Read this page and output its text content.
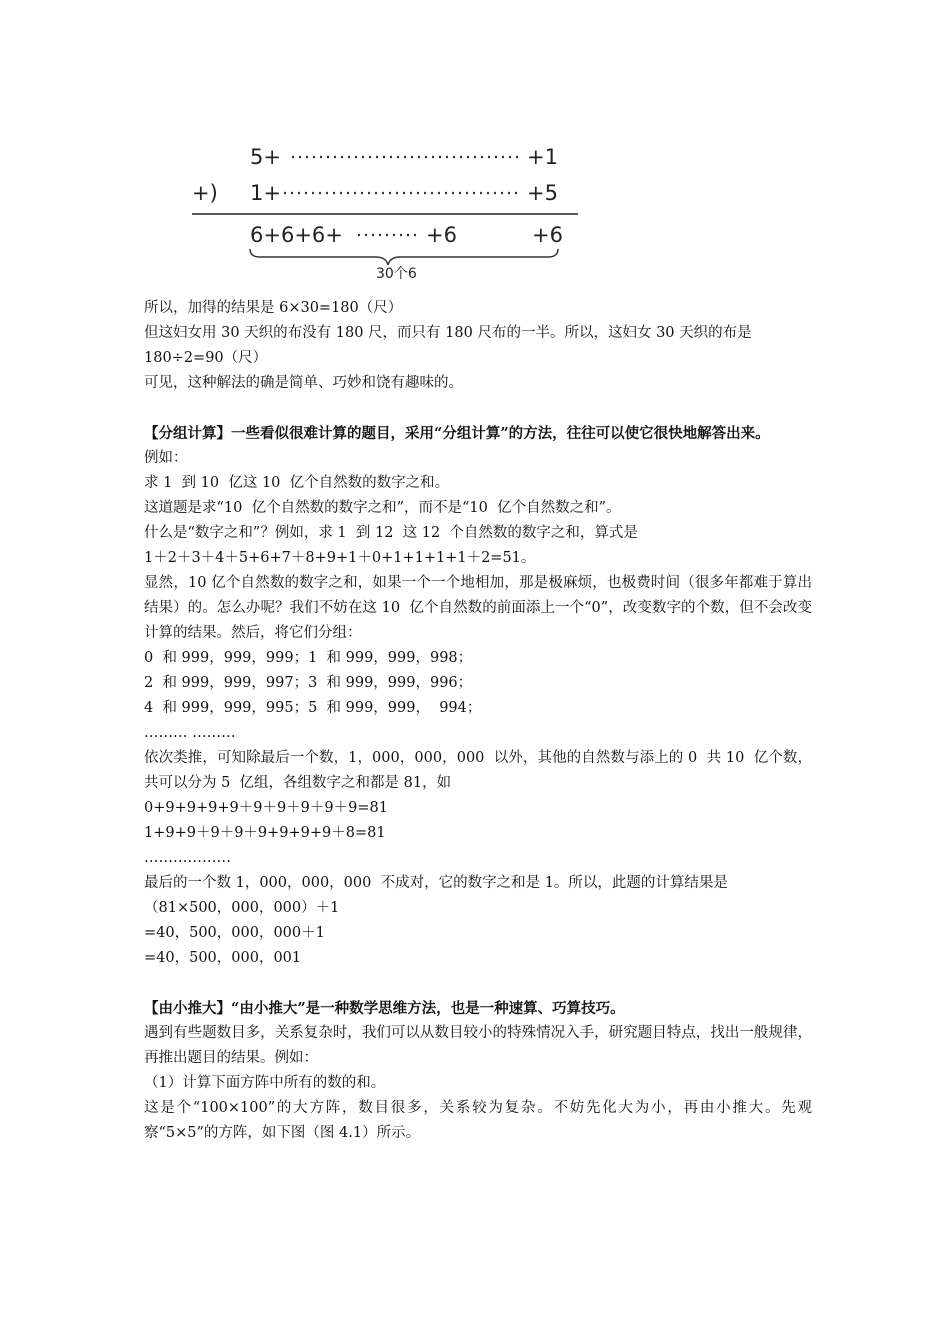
5+	+1
+) 1+	+5
6+6+6+	+6	+6
30个6

所以，加得的结果是 6×30=180（尺）

但这妇女用 30 天织的布没有 180 尺，而只有 180 尺布的一半。所以，这妇女 30 天织的布是

180÷2=90（尺）

可见，这种解法的确是简单、巧妙和饶有趣味的。

【分组计算】一些看似很难计算的题目，采用“分组计算”的方法，往往可以使它很快地解答出来。

例如：

求 1  到 10  亿这 10  亿个自然数的数字之和。

这道题是求“10  亿个自然数的数字之和”，而不是“10  亿个自然数之和”。

什么是“数字之和”？例如，求 1  到 12  这 12  个自然数的数字之和，算式是

1＋2＋3＋4＋5+6+7＋8+9+1＋0+1+1+1+1＋2=51。

显然，10 亿个自然数的数字之和，如果一个一个地相加，那是极麻烦，也极费时间（很多年都难于算出结果）的。怎么办呢？我们不妨在这 10  亿个自然数的前面添上一个“0”，改变数字的个数，但不会改变计算的结果。然后，将它们分组：

0  和 999，999，999；1  和 999，999，998；

2  和 999，999，997；3  和 999，999，996；

4  和 999，999，995；5  和 999，999，  994；

……… ………

依次类推，可知除最后一个数，1，000，000，000  以外，其他的自然数与添上的 0  共 10  亿个数，共可以分为 5  亿组，各组数字之和都是 81，如

0+9+9+9+9＋9＋9＋9＋9＋9=81

1+9+9＋9＋9＋9+9+9+9＋8=81

………………

最后的一个数 1，000，000，000  不成对，它的数字之和是 1。所以，此题的计算结果是

（81×500，000，000）＋1

=40，500，000，000＋1

=40，500，000，001

【由小推大】“由小推大”是一种数学思维方法，也是一种速算、巧算技巧。

遇到有些题数目多，关系复杂时，我们可以从数目较小的特殊情况入手，研究题目特点，找出一般规律，再推出题目的结果。例如：

（1）计算下面方阵中所有的数的和。

这是个“100×100”的大方阵，数目很多，关系较为复杂。不妨先化大为小，再由小推大。先观察“5×5”的方阵，如下图（图 4.1）所示。
